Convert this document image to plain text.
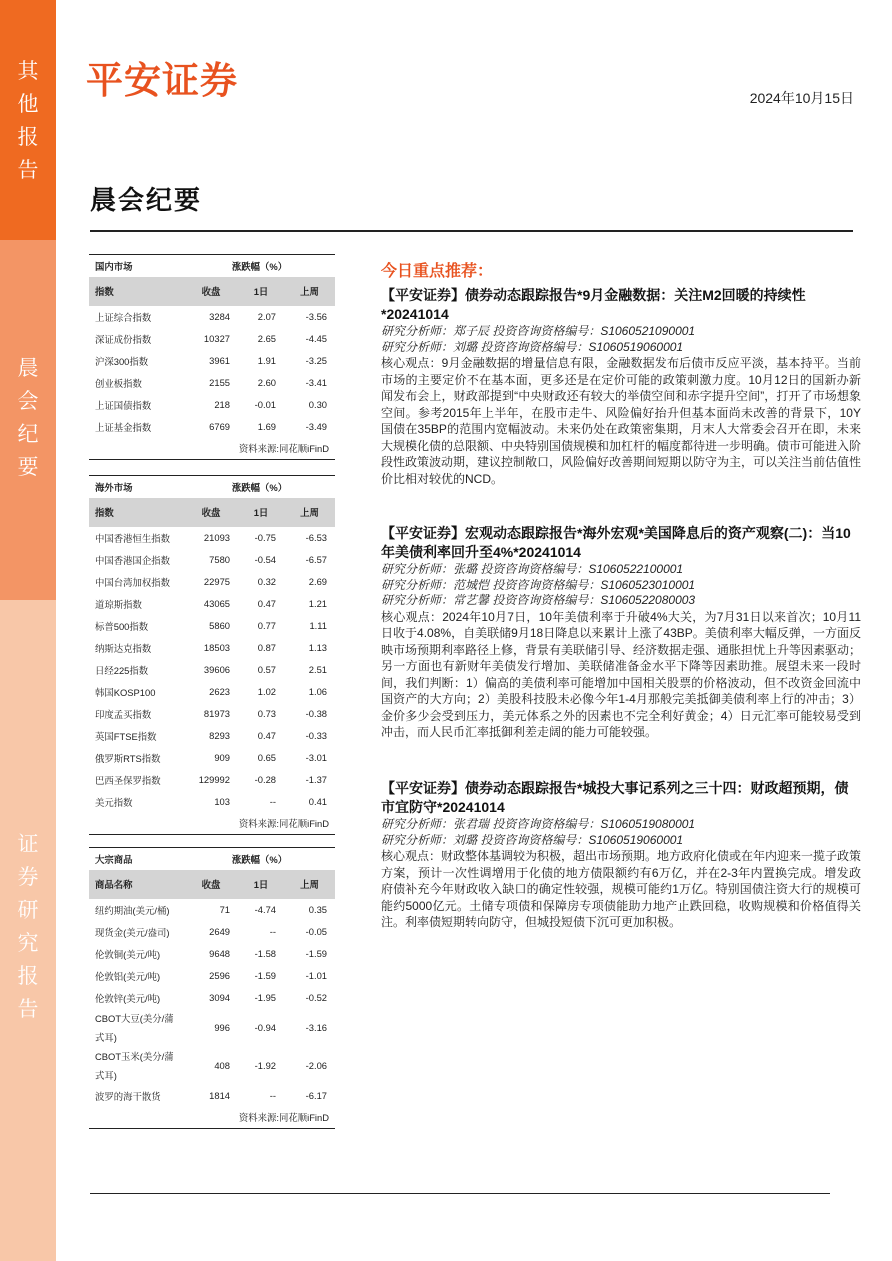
其
他
报
告
晨
会
纪
要
证
券
研
究
报
告
平安证券	2024年10月15日
晨会纪要
国内市场	涨跌幅（%）		
指数	收盘	1日	上周
上证综合指数	3284	2.07	-3.56
深证成份指数	10327	2.65	-4.45
沪深300指数	3961	1.91	-3.25
创业板指数	2155	2.60	-3.41
上证国债指数	218	-0.01	0.30
上证基金指数	6769	1.69	-3.49
资料来源:同花顺iFinD			
海外市场	涨跌幅（%）		
指数	收盘	1日	上周
中国香港恒生指数	21093	-0.75	-6.53
中国香港国企指数	7580	-0.54	-6.57
中国台湾加权指数	22975	0.32	2.69
道琼斯指数	43065	0.47	1.21
标普500指数	5860	0.77	1.11
纳斯达克指数	18503	0.87	1.13
日经225指数	39606	0.57	2.51
韩国KOSP100	2623	1.02	1.06
印度孟买指数	81973	0.73	-0.38
英国FTSE指数	8293	0.47	-0.33
俄罗斯RTS指数	909	0.65	-3.01
巴西圣保罗指数	129992	-0.28	-1.37
美元指数	103	--	0.41
资料来源:同花顺iFinD			
大宗商品	涨跌幅（%）		
商品名称	收盘	1日	上周
纽约期油(美元/桶)	71	-4.74	0.35
现货金(美元/盎司)	2649	--	-0.05
伦敦铜(美元/吨)	9648	-1.58	-1.59
伦敦铝(美元/吨)	2596	-1.59	-1.01
伦敦锌(美元/吨)	3094	-1.95	-0.52
CBOT大豆(美分/蒲式耳)	996	-0.94	-3.16
CBOT玉米(美分/蒲式耳)	408	-1.92	-2.06
波罗的海干散货	1814	--	-6.17
资料来源:同花顺iFinD			
今日重点推荐：
【平安证券】债券动态跟踪报告*9月金融数据：关注M2回暖的持续性*20241014
研究分析师：郑子辰 投资咨询资格编号：S1060521090001
研究分析师：刘璐 投资咨询资格编号：S1060519060001

核心观点：9月金融数据的增量信息有限，金融数据发布后债市反应平淡，基本持平。当前市场的主要定价不在基本面，更多还是在定价可能的政策刺激力度。10月12日的国新办新闻发布会上，财政部提到“中央财政还有较大的举债空间和赤字提升空间”，打开了市场想象空间。参考2015年上半年，在股市走牛、风险偏好抬升但基本面尚未改善的背景下，10Y国债在35BP的范围内宽幅波动。未来仍处在政策密集期，月末人大常委会召开在即，未来大规模化债的总限额、中央特别国债规模和加杠杆的幅度都待进一步明确。债市可能进入阶段性政策波动期，建议控制敞口，风险偏好改善期间短期以防守为主，可以关注当前估值性价比相对较优的NCD。

【平安证券】宏观动态跟踪报告*海外宏观*美国降息后的资产观察(二)：当10年美债利率回升至4%*20241014
研究分析师：张璐 投资咨询资格编号：S1060522100001
研究分析师：范城恺 投资咨询资格编号：S1060523010001
研究分析师：常艺馨 投资咨询资格编号：S1060522080003

核心观点：2024年10月7日，10年美债利率于升破4%大关，为7月31日以来首次；10月11日收于4.08%，自美联储9月18日降息以来累计上涨了43BP。美债利率大幅反弹，一方面反映市场预期利率路径上修，背景有美联储引导、经济数据走强、通胀担忧上升等因素驱动；另一方面也有新财年美债发行增加、美联储准备金水平下降等因素助推。展望未来一段时间，我们判断：1）偏高的美债利率可能增加中国相关股票的价格波动，但不改资金回流中国资产的大方向；2）美股科技股未必像今年1-4月那般完美抵御美债利率上行的冲击；3）金价多少会受到压力，美元体系之外的因素也不完全利好黄金；4）日元汇率可能较易受到冲击，而人民币汇率抵御利差走阔的能力可能较强。

【平安证券】债券动态跟踪报告*城投大事记系列之三十四：财政超预期，债市宜防守*20241014
研究分析师：张君瑞 投资咨询资格编号：S1060519080001
研究分析师：刘璐 投资咨询资格编号：S1060519060001

核心观点：财政整体基调较为积极，超出市场预期。地方政府化债或在年内迎来一揽子政策方案，预计一次性调增用于化债的地方债限额约有6万亿，并在2-3年内置换完成。增发政府债补充今年财政收入缺口的确定性较强，规模可能约1万亿。特别国债注资大行的规模可能约5000亿元。土储专项债和保障房专项债能助力地产止跌回稳，收购规模和价格值得关注。利率债短期转向防守，但城投短债下沉可更加积极。
